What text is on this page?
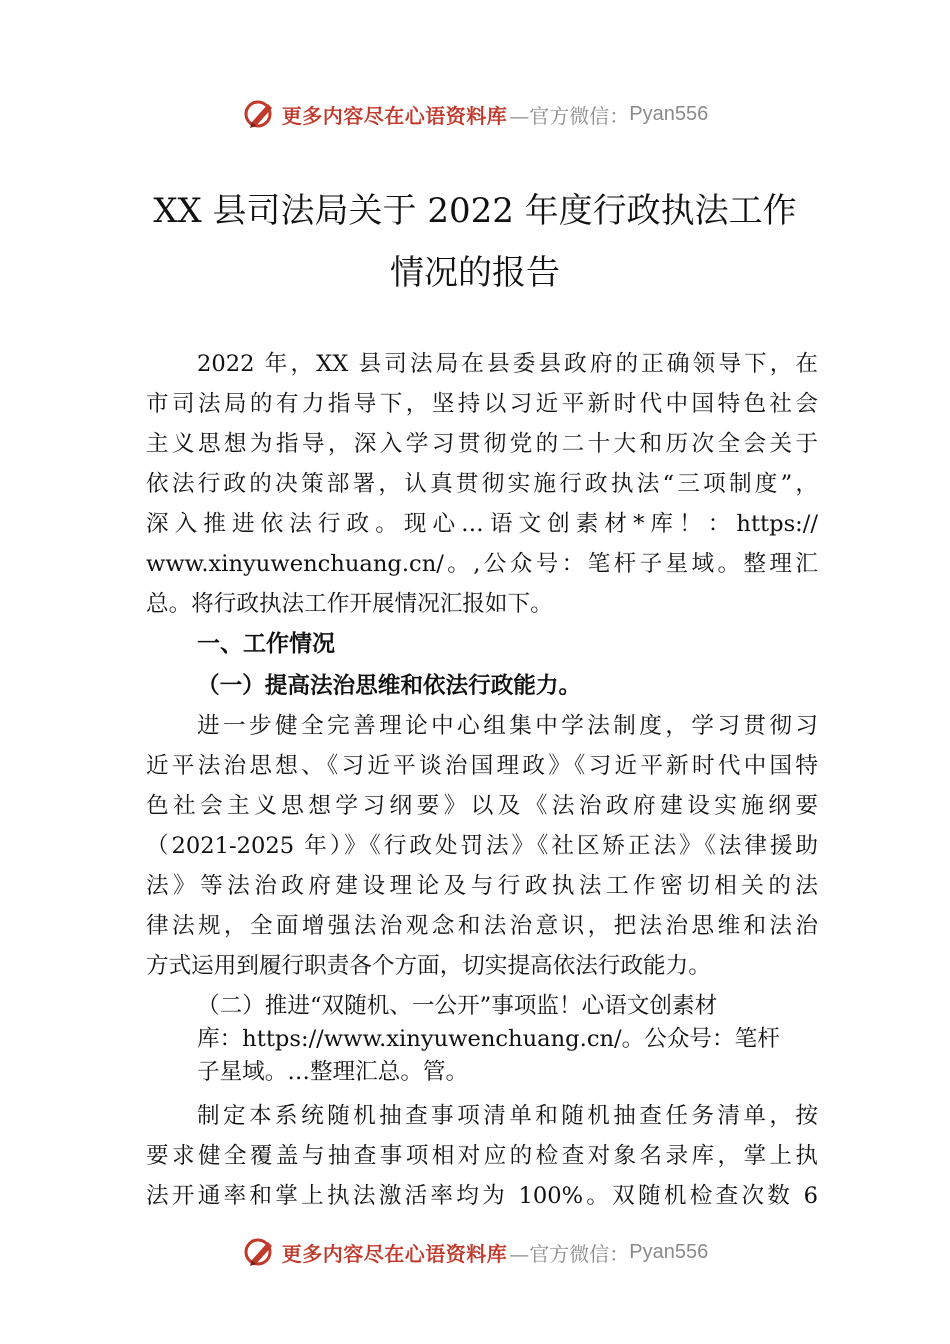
更多内容尽在心语资料库 —官方微信： Pyan556
XX 县司法局关于 2022 年度行政执法工作
情况的报告
2022 年，XX 县司法局在县委县政府的正确领导下，在
市司法局的有力指导下，坚持以习近平新时代中国特色社会
主义思想为指导，深入学习贯彻党的二十大和历次全会关于
依法行政的决策部署，认真贯彻实施行政执法“三项制度”，
深入推进依法行政。现心…语文创素材*库！：https://
www.xinyuwenchuang.cn/。,公众号：笔杆子星域。整理汇
总。将行政执法工作开展情况汇报如下。
一、工作情况
（一）提高法治思维和依法行政能力。
进一步健全完善理论中心组集中学法制度，学习贯彻习
近平法治思想、《习近平谈治国理政》《习近平新时代中国特
色社会主义思想学习纲要》以及《法治政府建设实施纲要
（2021-2025 年）》《行政处罚法》《社区矫正法》《法律援助
法》等法治政府建设理论及与行政执法工作密切相关的法
律法规，全面增强法治观念和法治意识，把法治思维和法治
方式运用到履行职责各个方面，切实提高依法行政能力。
（二）推进“双随机、一公开”事项监！心语文创素材
库：https://www.xinyuwenchuang.cn/。公众号：笔杆
子星域。…整理汇总。管。
制定本系统随机抽查事项清单和随机抽查任务清单，按
要求健全覆盖与抽查事项相对应的检查对象名录库，掌上执
法开通率和掌上执法激活率均为 100%。双随机检查次数 6
更多内容尽在心语资料库 —官方微信： Pyan556
